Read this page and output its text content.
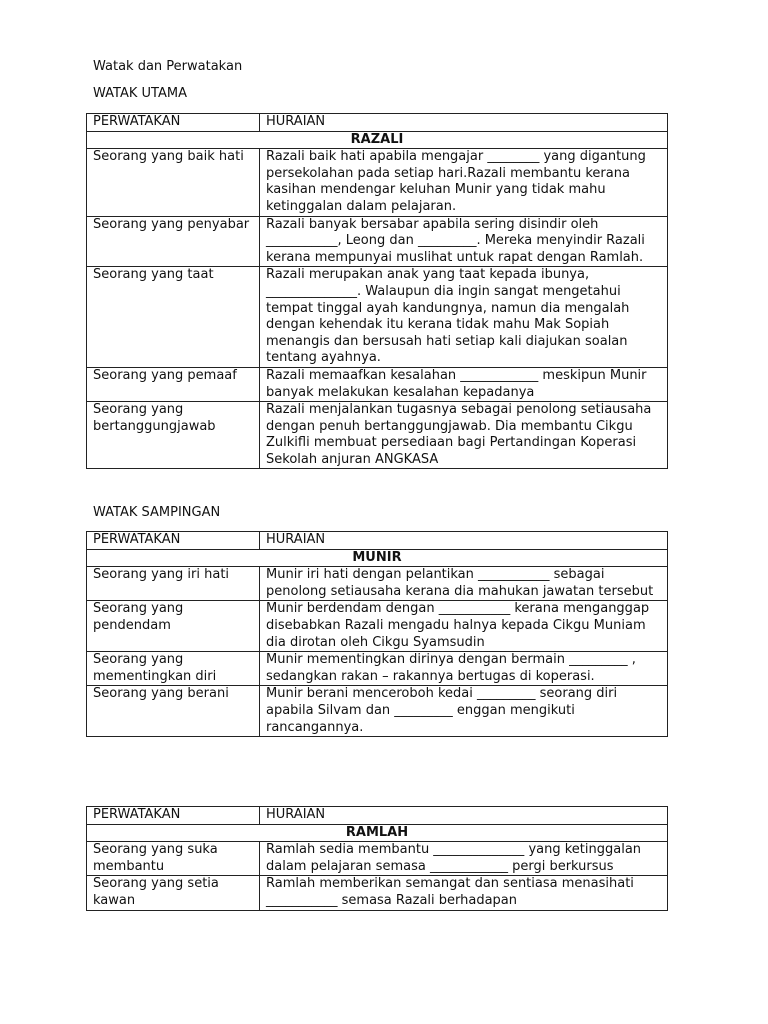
Watak dan Perwatakan

WATAK UTAMA

PERWATAKAN	HURAIAN
RAZALI	
Seorang yang baik hati	Razali baik hati apabila mengajar ________ yang digantung persekolahan pada setiap hari.Razali membantu kerana kasihan mendengar keluhan Munir yang tidak mahu ketinggalan dalam pelajaran.
Seorang yang penyabar	Razali banyak bersabar apabila sering disindir oleh ___________, Leong dan _________. Mereka menyindir Razali kerana mempunyai muslihat untuk rapat dengan Ramlah.
Seorang yang taat	Razali merupakan anak yang taat kepada ibunya, ______________. Walaupun dia ingin sangat mengetahui tempat tinggal ayah kandungnya, namun dia mengalah dengan kehendak itu kerana tidak mahu Mak Sopiah menangis dan bersusah hati setiap kali diajukan soalan tentang ayahnya.
Seorang yang pemaaf	Razali memaafkan kesalahan ____________ meskipun Munir banyak melakukan kesalahan kepadanya
Seorang yang bertanggungjawab	Razali menjalankan tugasnya sebagai penolong setiausaha dengan penuh bertanggungjawab. Dia membantu Cikgu Zulkifli membuat persediaan bagi Pertandingan Koperasi Sekolah anjuran ANGKASA

WATAK SAMPINGAN

PERWATAKAN	HURAIAN
MUNIR	
Seorang yang iri hati	Munir iri hati dengan pelantikan ___________ sebagai penolong setiausaha kerana dia mahukan jawatan tersebut
Seorang yang pendendam	Munir berdendam dengan ___________ kerana menganggap disebabkan Razali mengadu halnya kepada Cikgu Muniam dia dirotan oleh Cikgu Syamsudin
Seorang yang mementingkan diri	Munir mementingkan dirinya dengan bermain _________ , sedangkan rakan – rakannya bertugas di koperasi.
Seorang yang berani	Munir berani menceroboh kedai _________ seorang diri apabila Silvam dan _________ enggan mengikuti rancangannya.
PERWATAKAN	HURAIAN
RAMLAH	
Seorang yang suka membantu	Ramlah sedia membantu ______________ yang ketinggalan dalam pelajaran semasa ____________ pergi berkursus
Seorang yang setia kawan	Ramlah memberikan semangat dan sentiasa menasihati ___________ semasa Razali berhadapan
